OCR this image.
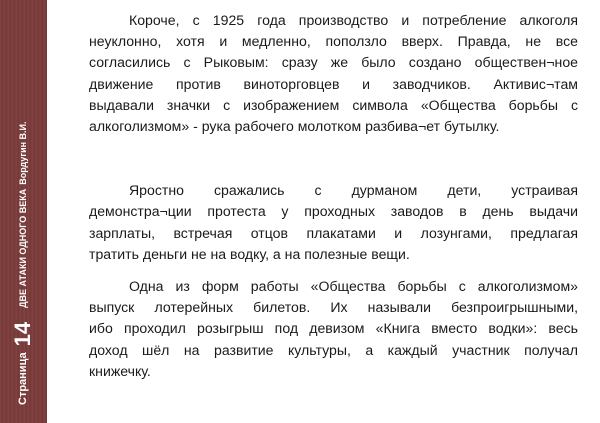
Страница
14
ДВЕ АТАКИ ОДНОГО ВЕКА
Вордугин В.И.

Короче, с 1925 года производство и потребление алкоголя
неуклонно, хотя и медленно, поползло вверх. Правда, не все
согласились с Рыковым: сразу же было создано обществен¬ное
движение против виноторговцев и заводчиков. Активис¬там
выдавали значки с изображением символа «Общества борьбы с
алкоголизмом» - рука рабочего молотком разбива¬ет бутылку.

Яростно сражались с дурманом дети, устраивая
демонстра¬ции протеста у проходных заводов в день выдачи
зарплаты, встречая отцов плакатами и лозунгами, предлагая
тратить деньги не на водку, а на полезные вещи.

Одна из форм работы «Общества борьбы с алкоголизмом»
выпуск лотерейных билетов. Их называли безпроигрышными,
ибо проходил розыгрыш под девизом «Книга вместо водки»: весь
доход шёл на развитие культуры, а каждый участник получал
книжечку.
